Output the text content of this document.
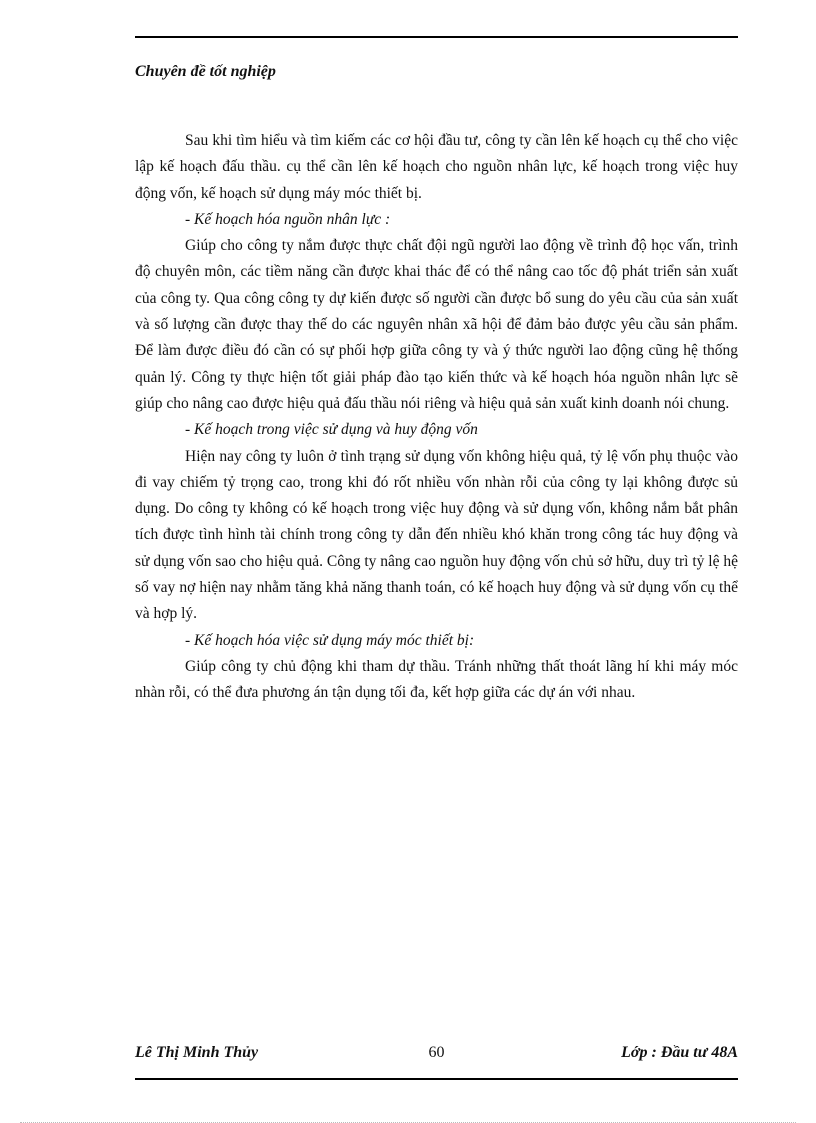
Chuyên đề tốt nghiệp

Sau khi tìm hiểu và tìm kiếm các cơ hội đầu tư, công ty cần lên kế hoạch cụ thể cho việc lập kế hoạch đấu thầu. cụ thể cần lên kế hoạch cho nguồn nhân lực, kế hoạch trong việc huy động vốn, kế hoạch sử dụng máy móc thiết bị.

- Kế hoạch hóa nguồn nhân lực :

Giúp cho công ty nắm được thực chất đội ngũ người lao động về trình độ học vấn, trình độ chuyên môn, các tiềm năng cần được khai thác để có thể nâng cao tốc độ phát triển sản xuất của công ty. Qua công công ty dự kiến được số người cần được bổ sung do yêu cầu của sản xuất và số lượng cần được thay thế do các nguyên nhân xã hội để đảm bảo được yêu cầu sản phẩm. Để làm được điều đó cần có sự phối hợp giữa công ty và ý thức người lao động cũng hệ thống quản lý. Công ty thực hiện tốt giải pháp đào tạo kiến thức và kế hoạch hóa nguồn nhân lực sẽ giúp cho nâng cao được hiệu quả đấu thầu nói riêng và hiệu quả sản xuất kinh doanh nói chung.

- Kế hoạch trong việc sử dụng và huy động vốn

Hiện nay công ty luôn ở tình trạng sử dụng vốn không hiệu quả, tỷ lệ vốn phụ thuộc vào đi vay chiếm tỷ trọng cao, trong khi đó rốt nhiều vốn nhàn rỗi của công ty lại không được sủ dụng. Do công ty không có kế hoạch trong việc huy động và sử dụng vốn, không nắm bắt phân tích được tình hình tài chính trong công ty dẫn đến nhiều khó khăn trong công tác huy động và sử dụng vốn sao cho hiệu quả. Công ty nâng cao nguồn huy động vốn chủ sở hữu, duy trì tỷ lệ hệ số vay nợ hiện nay nhằm tăng khả năng thanh toán, có kế hoạch huy động và sử dụng vốn cụ thể và hợp lý.

- Kế hoạch hóa việc sử dụng máy móc thiết bị:

Giúp công ty chủ động khi tham dự thầu. Tránh những thất thoát lãng hí khi máy móc nhàn rỗi, có thể đưa phương án tận dụng tối đa, kết hợp giữa các dự án với nhau.

Lê Thị Minh Thủy	60	Lớp : Đầu tư 48A
